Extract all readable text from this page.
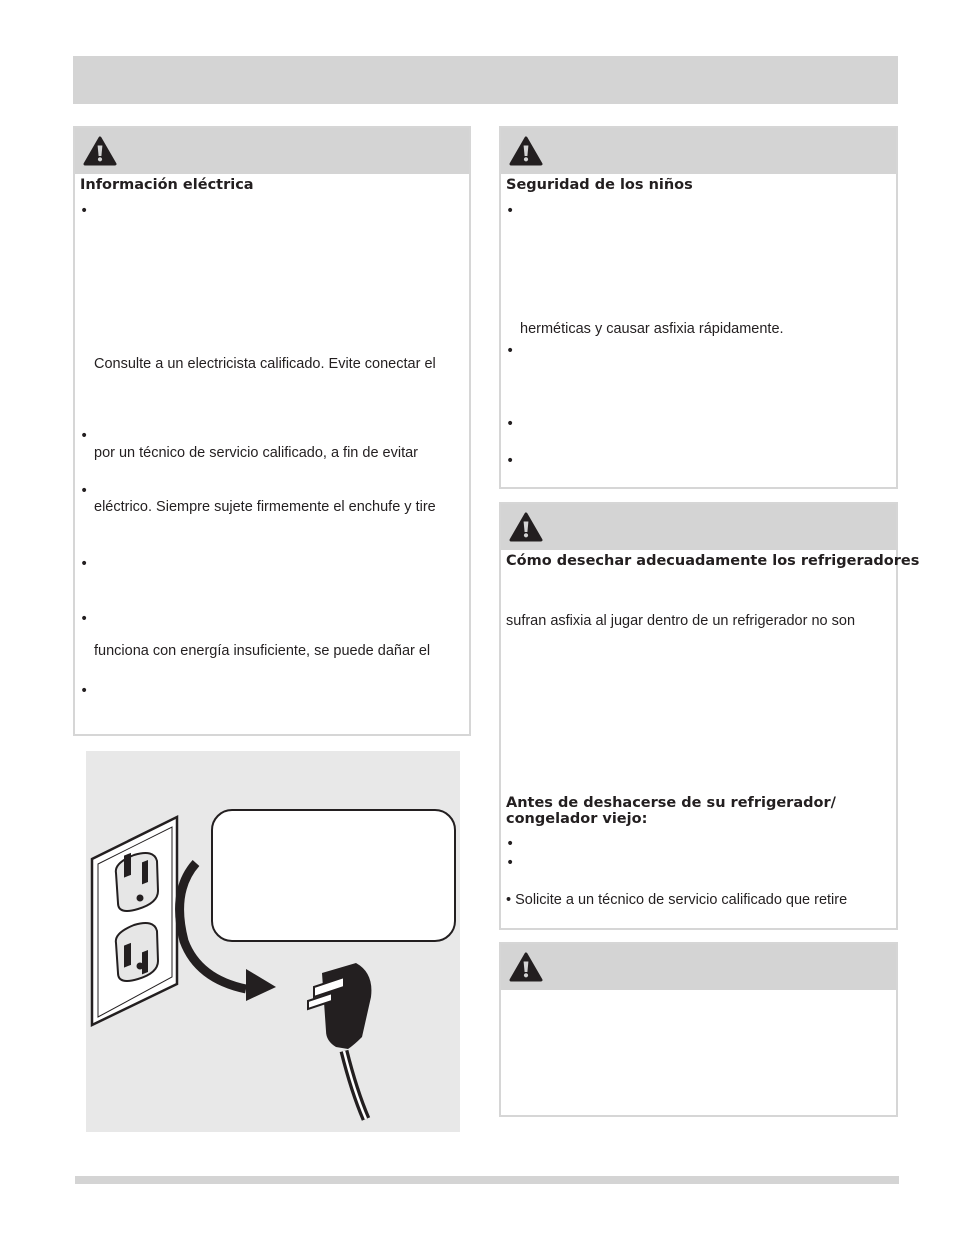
Información eléctrica
•
Consulte a un electricista calificado. Evite conectar el
•
por un técnico de servicio calificado, a fin de evitar
•
eléctrico. Siempre sujete firmemente el enchufe y tire
•
•
funciona con energía insuficiente, se puede dañar el
•
Seguridad de los niños
•
herméticas y causar asfixia rápidamente.
•
•
•
Cómo desechar adecuadamente los refrigeradores
sufran asfixia al jugar dentro de un refrigerador no son
Antes de deshacerse de su refrigerador/
congelador viejo:
•
•
• Solicite a un técnico de servicio calificado que retire
